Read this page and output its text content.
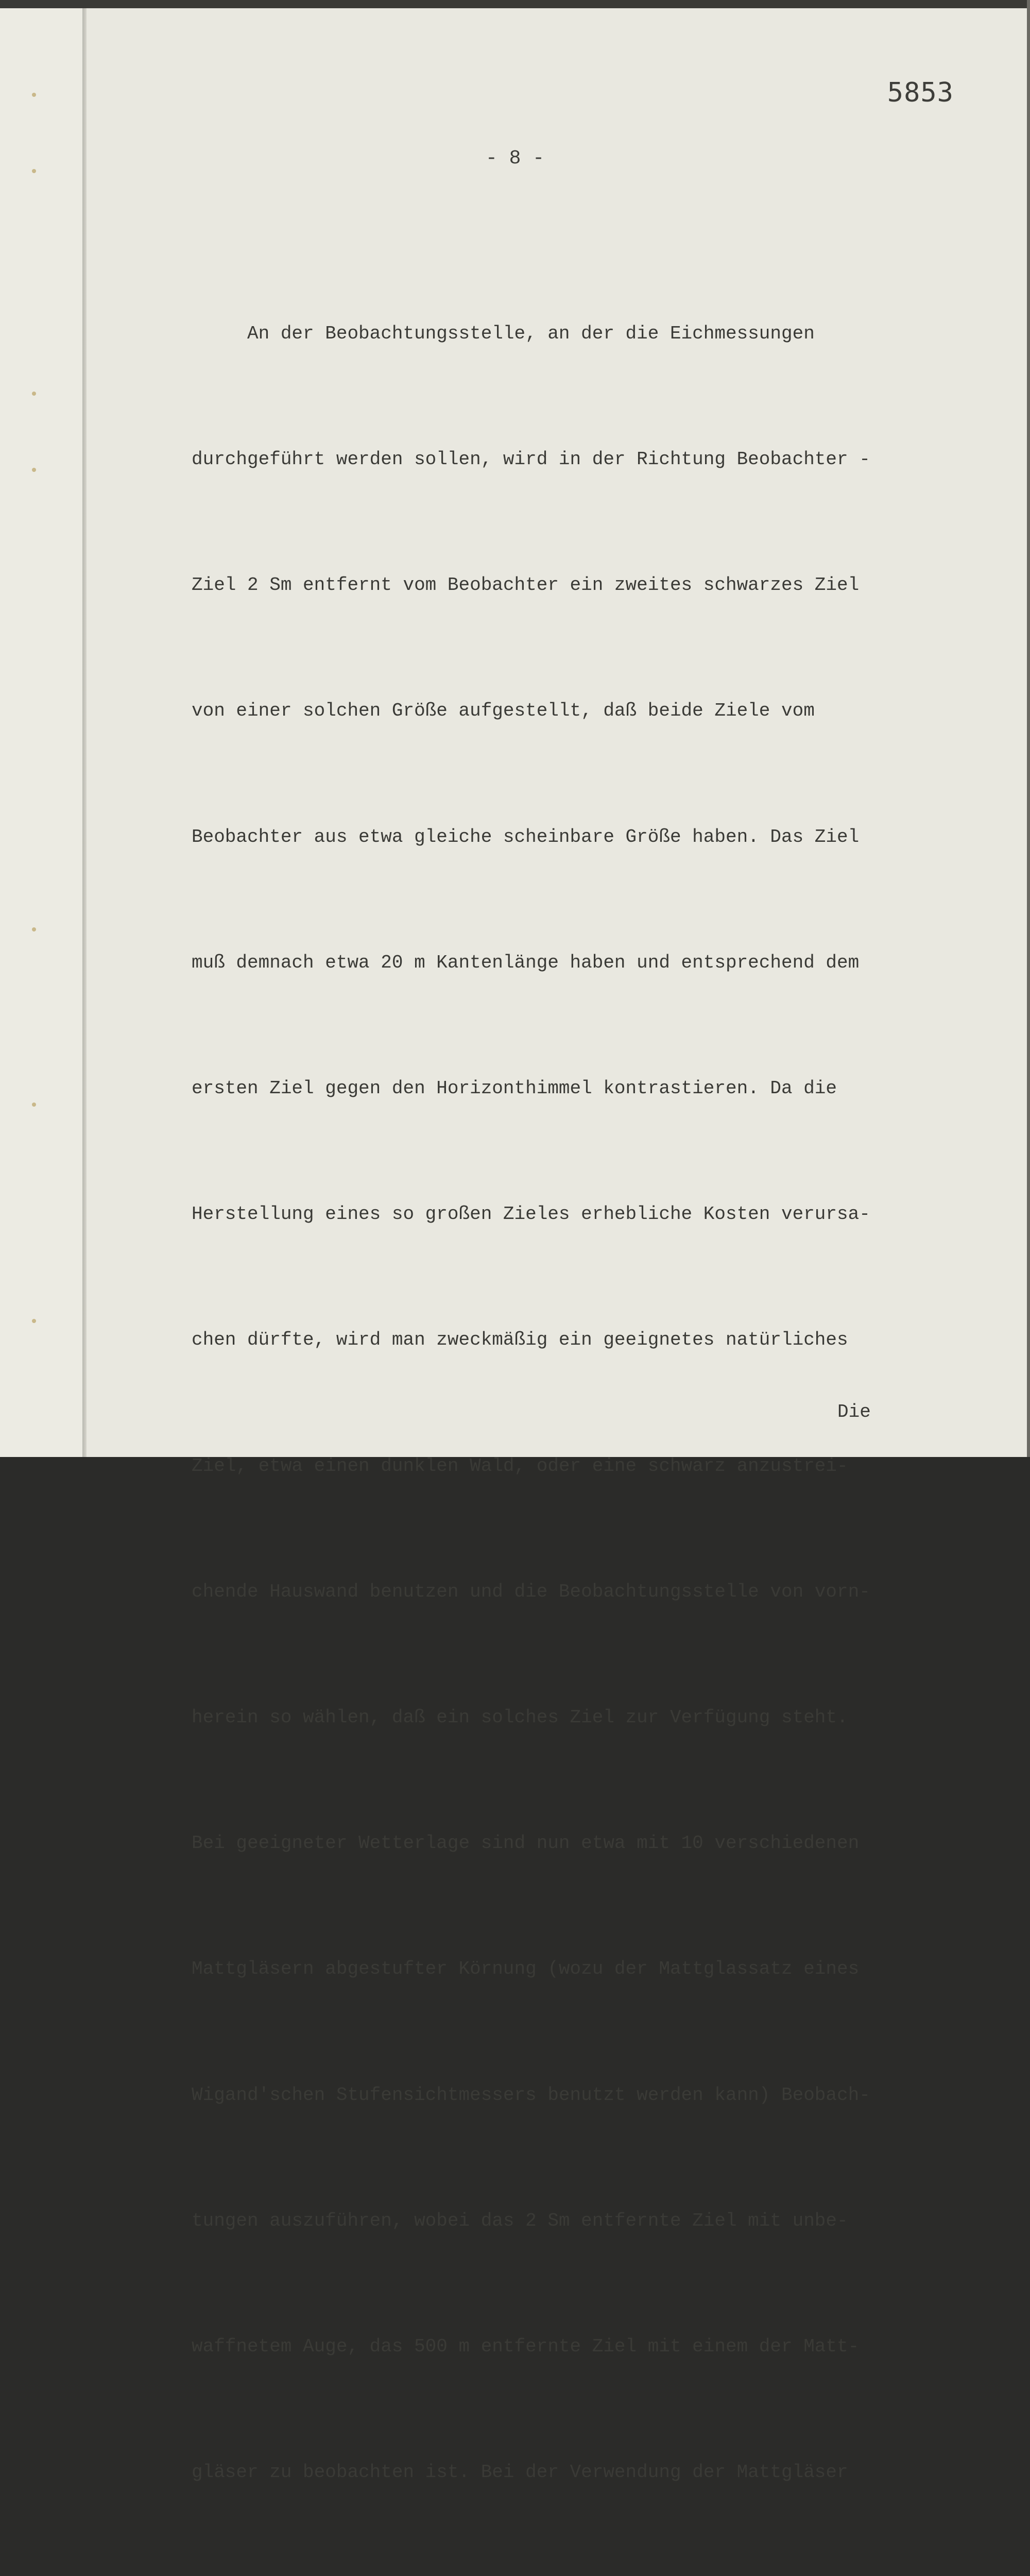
5853
- 8 -

An der Beobachtungsstelle, an der die Eichmessungen

durchgeführt werden sollen, wird in der Richtung Beobachter -

Ziel 2 Sm entfernt vom Beobachter ein zweites schwarzes Ziel

von einer solchen Größe aufgestellt, daß beide Ziele vom

Beobachter aus etwa gleiche scheinbare Größe haben. Das Ziel

muß demnach etwa 20 m Kantenlänge haben und entsprechend dem

ersten Ziel gegen den Horizonthimmel kontrastieren. Da die

Herstellung eines so großen Zieles erhebliche Kosten verursa-

chen dürfte, wird man zweckmäßig ein geeignetes natürliches

Ziel, etwa einen dunklen Wald, oder eine schwarz anzustrei-

chende Hauswand benutzen und die Beobachtungsstelle von vorn-

herein so wählen, daß ein solches Ziel zur Verfügung steht.

Bei geeigneter Wetterlage sind nun etwa mit 10 verschiedenen

Mattgläsern abgestufter Körnung (wozu der Mattglassatz eines

Wigand'schen Stufensichtmessers benutzt werden kann) Beobach-

tungen auszuführen, wobei das 2 Sm entfernte Ziel mit unbe-

waffnetem Auge, das 500 m entfernte Ziel mit einem der Matt-

gläser zu beobachten ist. Bei der Verwendung der Mattgläser

Die
